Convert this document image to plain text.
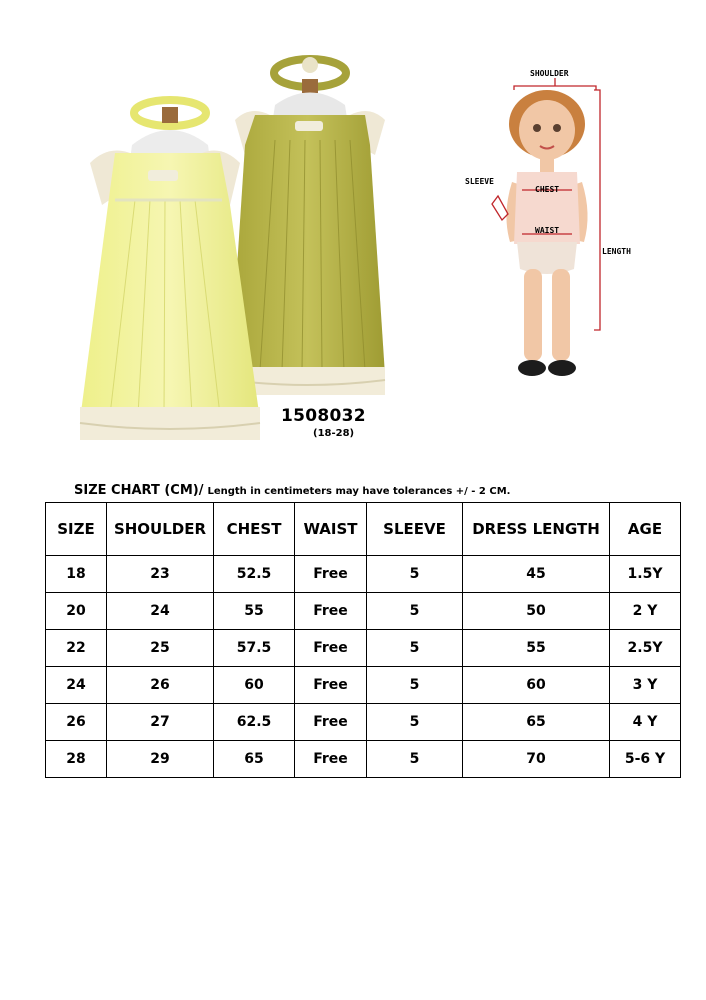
1508032
(18-28)
SHOULDER
SLEEVE
CHEST
WAIST
LENGTH
SIZE CHART (CM)/ Length in centimeters may have tolerances +/ - 2 CM.
SIZE	SHOULDER	CHEST	WAIST	SLEEVE	DRESS LENGTH	AGE
18	23	52.5	Free	5	45	1.5Y
20	24	55	Free	5	50	2 Y
22	25	57.5	Free	5	55	2.5Y
24	26	60	Free	5	60	3 Y
26	27	62.5	Free	5	65	4 Y
28	29	65	Free	5	70	5-6 Y
